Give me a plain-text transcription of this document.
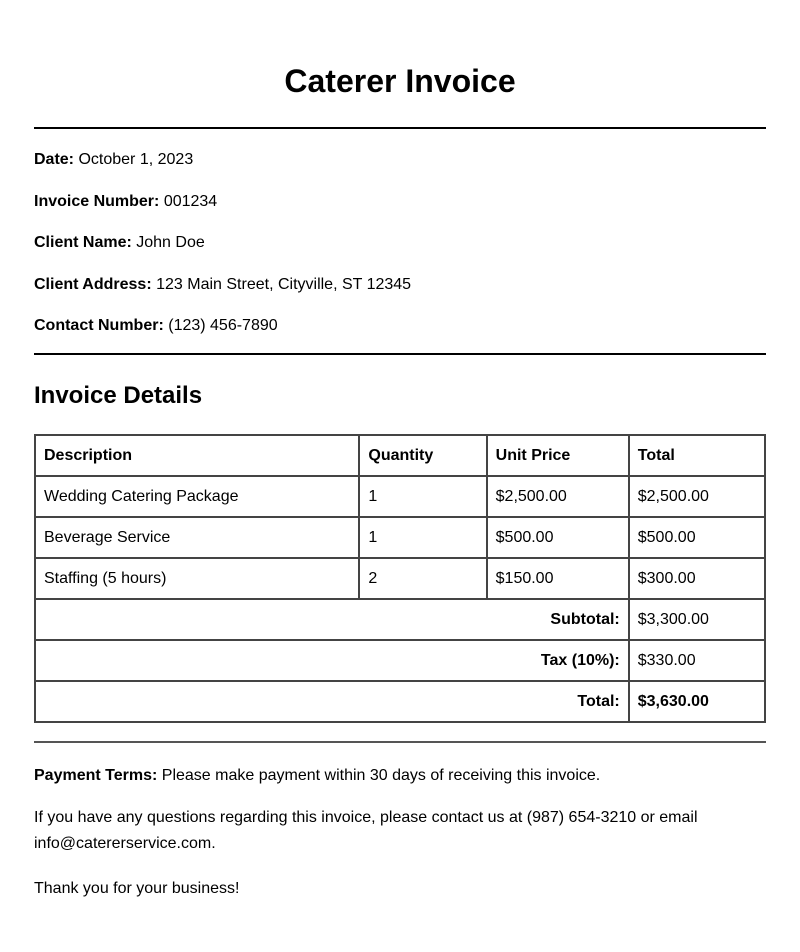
Caterer Invoice

Date: October 1, 2023

Invoice Number: 001234

Client Name: John Doe

Client Address: 123 Main Street, Cityville, ST 12345

Contact Number: (123) 456-7890

Invoice Details
Description	Quantity	Unit Price	Total
Wedding Catering Package	1	$2,500.00	$2,500.00
Beverage Service	1	$500.00	$500.00
Staffing (5 hours)	2	$150.00	$300.00
Subtotal:			$3,300.00
Tax (10%):			$330.00
Total:			$3,630.00

Payment Terms: Please make payment within 30 days of receiving this invoice.

If you have any questions regarding this invoice, please contact us at (987) 654-3210 or email info@catererservice.com.

Thank you for your business!
